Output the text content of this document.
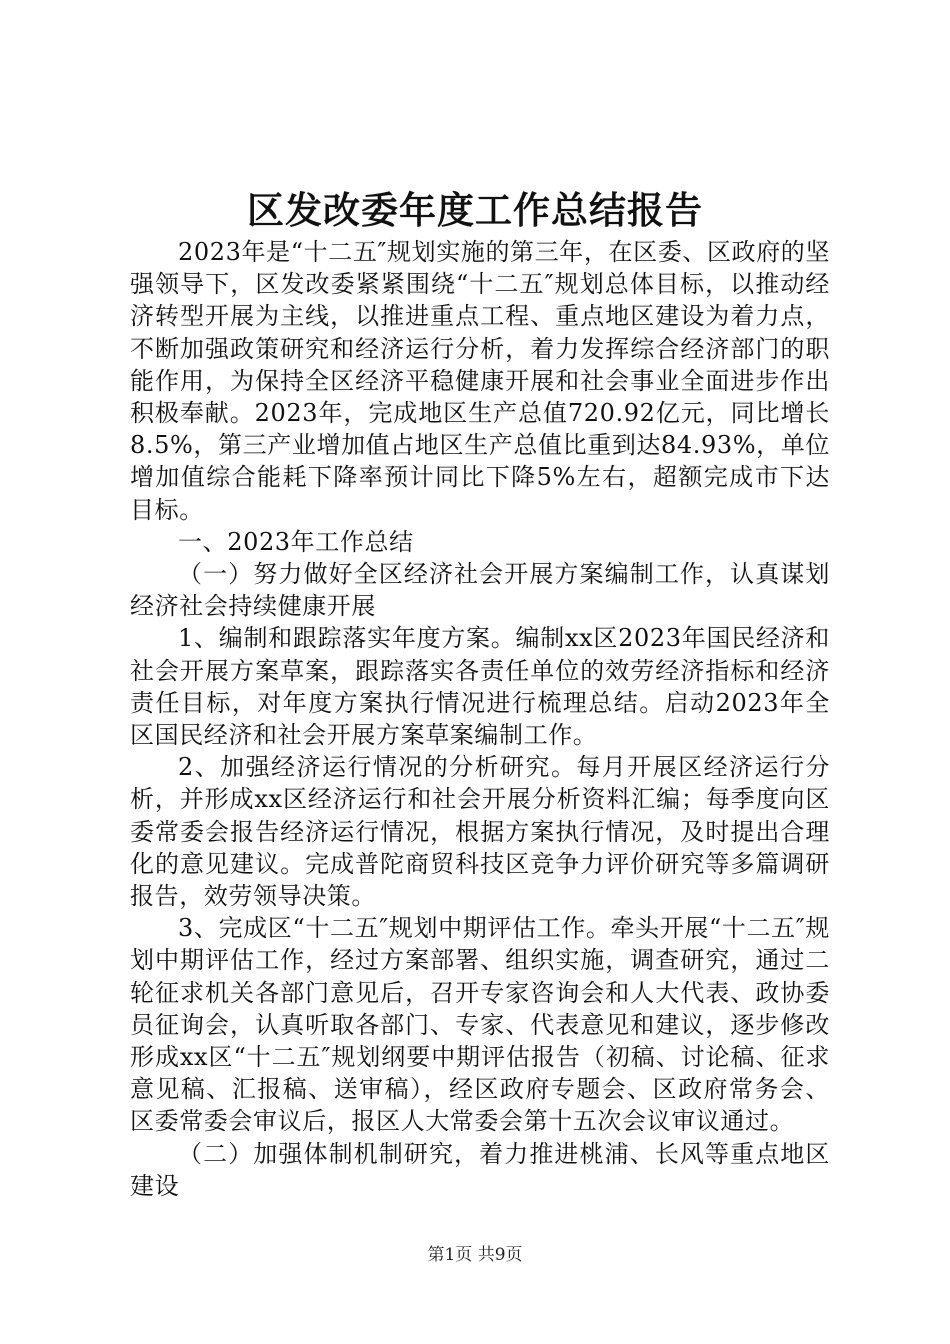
区发改委年度工作总结报告

2023年是“十二五″规划实施的第三年，在区委、区政府的坚强领导下，区发改委紧紧围绕“十二五″规划总体目标，以推动经济转型开展为主线，以推进重点工程、重点地区建设为着力点，不断加强政策研究和经济运行分析，着力发挥综合经济部门的职能作用，为保持全区经济平稳健康开展和社会事业全面进步作出积极奉献。2023年，完成地区生产总值720.92亿元，同比增长8.5%，第三产业增加值占地区生产总值比重到达84.93%，单位增加值综合能耗下降率预计同比下降5%左右，超额完成市下达目标。

一、2023年工作总结

（一）努力做好全区经济社会开展方案编制工作，认真谋划经济社会持续健康开展

1、编制和跟踪落实年度方案。编制xx区2023年国民经济和社会开展方案草案，跟踪落实各责任单位的效劳经济指标和经济责任目标，对年度方案执行情况进行梳理总结。启动2023年全区国民经济和社会开展方案草案编制工作。

2、加强经济运行情况的分析研究。每月开展区经济运行分析，并形成xx区经济运行和社会开展分析资料汇编；每季度向区委常委会报告经济运行情况，根据方案执行情况，及时提出合理化的意见建议。完成普陀商贸科技区竞争力评价研究等多篇调研报告，效劳领导决策。

3、完成区“十二五″规划中期评估工作。牵头开展“十二五″规划中期评估工作，经过方案部署、组织实施，调查研究，通过二轮征求机关各部门意见后，召开专家咨询会和人大代表、政协委员征询会，认真听取各部门、专家、代表意见和建议，逐步修改形成xx区“十二五″规划纲要中期评估报告（初稿、讨论稿、征求意见稿、汇报稿、送审稿），经区政府专题会、区政府常务会、区委常委会审议后，报区人大常委会第十五次会议审议通过。

（二）加强体制机制研究，着力推进桃浦、长风等重点地区建设

第1页 共9页
